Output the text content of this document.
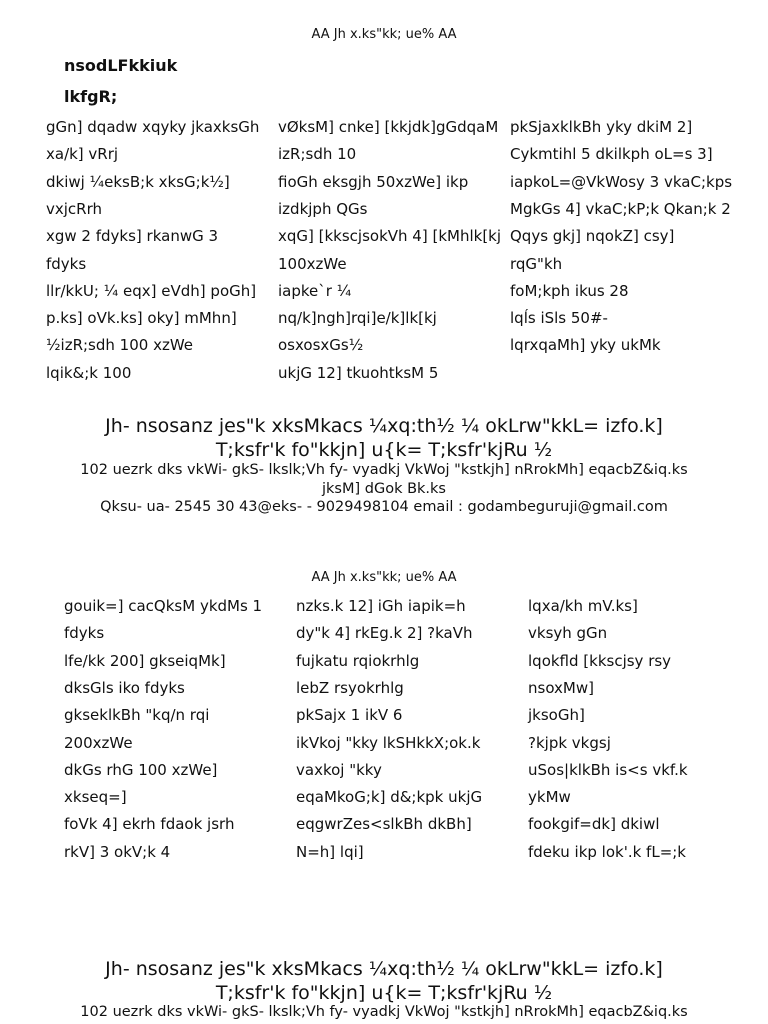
AA Jh x.ks"kk; ue% AA
nsodLFkkiuk
lkfgR;
gGn] dqadw xqyky jkaxksGh
xa/k] vRrj
dkiwj ¼eksB;k xksG;k½]
vxjcRrh
xgw 2 fdyks] rkanwG 3
fdyks
llr/kkU; ¼ eqx] eVdh] poGh]
p.ks] oVk.ks] oky] mMhn]
½izR;sdh 100 xzWe
lqik&;k 100
vØksM] cnke] [kkjdk]gGdqaM
izR;sdh 10
fioGh eksgjh 50xzWe] ikp
izdkjph QGs
xqG] [kkscjsokVh 4] [kMhlk[kj
100xzWe
iapke`r ¼
nq/k]ngh]rqi]e/k]lk[kj
osxosxGs½
ukjG 12] tkuohtksM 5
pkSjaxklkBh yky dkiM 2]
Cykmtihl 5 dkilkph oL=s 3]
iapkoL=@VkWosy 3 vkaC;kps
MgkGs 4] vkaC;kP;k Qkan;k 2
Qqys gkj] nqokZ] csy]
rqG"kh
foM;kph ikus 28
lqĺs iSls 50#-
lqrxqaMh] yky ukMk
Jh- nsosanz jes"k xksMkacs ¼xq:th½ ¼ okLrw"kkL= izfo.k]
T;ksfr'k fo"kkjn] u{k= T;ksfr'kjRu ½
102 uezrk dks vkWi- gkS- lkslk;Vh fy- vyadkj VkWoj "kstkjh] nRrokMh] eqacbZ&iq.ks
jksM] dGok Bk.ks
Qksu- ua- 2545 30 43@eks- - 9029498104 email : godambeguruji@gmail.com
AA Jh x.ks"kk; ue% AA
gouik=] cacQksM ykdMs 1
fdyks
lfe/kk 200] gkseiqMk]
dksGls iko fdyks
gkseklkBh "kq/n rqi
200xzWe
dkGs rhG 100 xzWe]
xkseq=]
foVk 4] ekrh fdaok jsrh
rkV] 3 okV;k 4
nzks.k 12] iGh iapik=h
dy"k 4] rkEg.k 2] ?kaVh
fujkatu rqiokrhlg
lebZ rsyokrhlg
pkSajx 1 ikV 6
ikVkoj "kky lkSHkkX;ok.k
vaxkoj "kky
eqaMkoG;k] d&;kpk ukjG
eqgwrZes<slkBh dkBh]
N=h] lqi]
lqxa/kh mV.ks]
vksyh gGn
lqokfld [kkscjsy rsy
nsoxMw]
jksoGh]
?kjpk vkgsj
uSos|klkBh is<s vkf.k
ykMw
fookgif=dk] dkiwl
fdeku ikp lok'.k fL=;k
Jh- nsosanz jes"k xksMkacs ¼xq:th½ ¼ okLrw"kkL= izfo.k]
T;ksfr'k fo"kkjn] u{k= T;ksfr'kjRu ½
102 uezrk dks vkWi- gkS- lkslk;Vh fy- vyadkj VkWoj "kstkjh] nRrokMh] eqacbZ&iq.ks
